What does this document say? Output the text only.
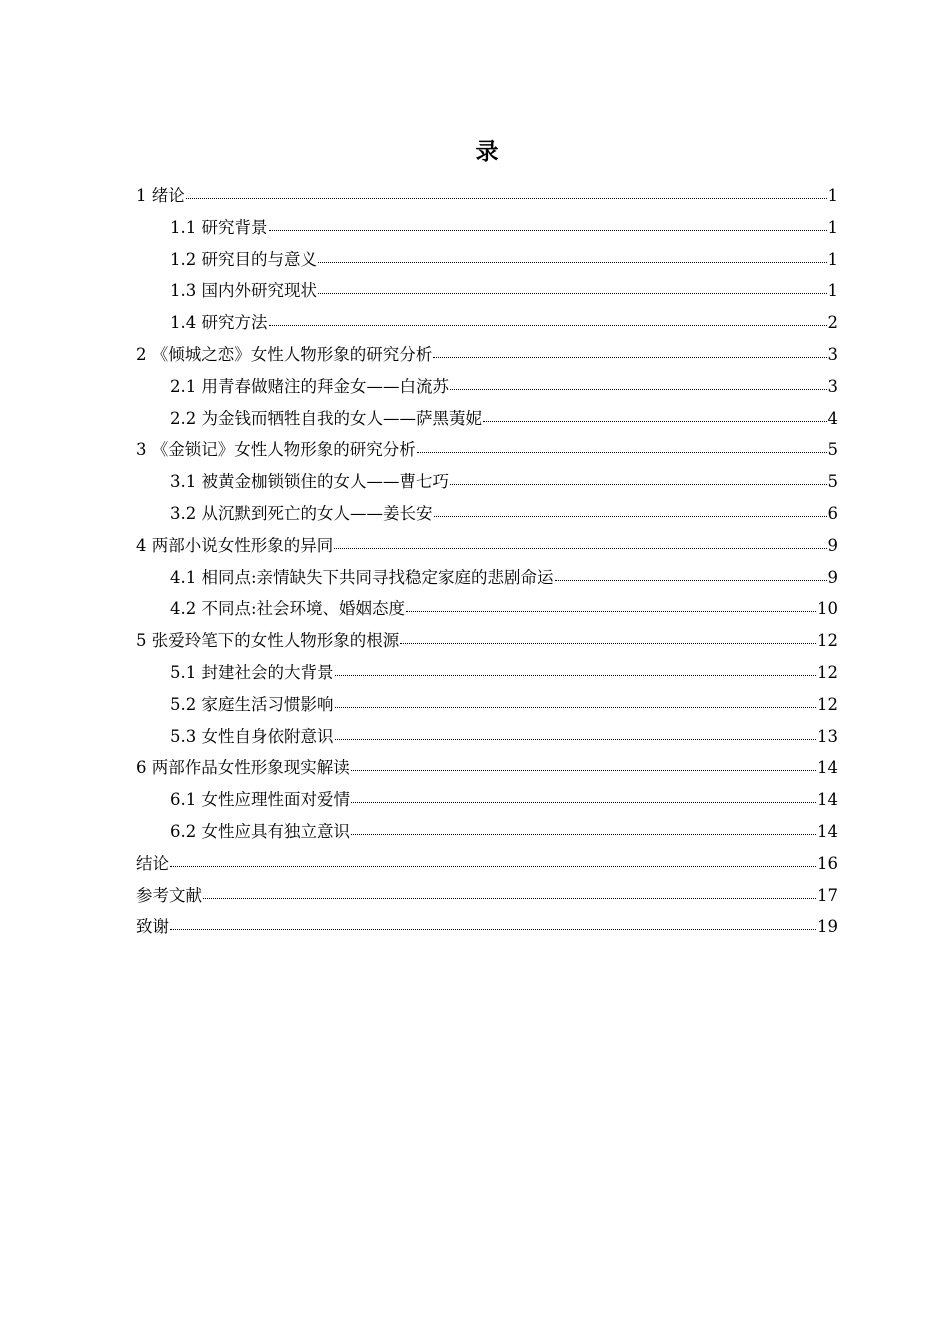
录
1 绪论	1
1.1 研究背景	1
1.2 研究目的与意义	1
1.3 国内外研究现状	1
1.4 研究方法	2
2 《倾城之恋》女性人物形象的研究分析	3
2.1 用青春做赌注的拜金女——白流苏	3
2.2 为金钱而牺牲自我的女人——萨黑荑妮	4
3 《金锁记》女性人物形象的研究分析	5
3.1 被黄金枷锁锁住的女人——曹七巧	5
3.2 从沉默到死亡的女人——姜长安	6
4 两部小说女性形象的异同	9
4.1 相同点:亲情缺失下共同寻找稳定家庭的悲剧命运	9
4.2 不同点:社会环境、婚姻态度	10
5 张爱玲笔下的女性人物形象的根源	12
5.1 封建社会的大背景	12
5.2 家庭生活习惯影响	12
5.3 女性自身依附意识	13
6 两部作品女性形象现实解读	14
6.1 女性应理性面对爱情	14
6.2 女性应具有独立意识	14
结论	16
参考文献	17
致谢	19
